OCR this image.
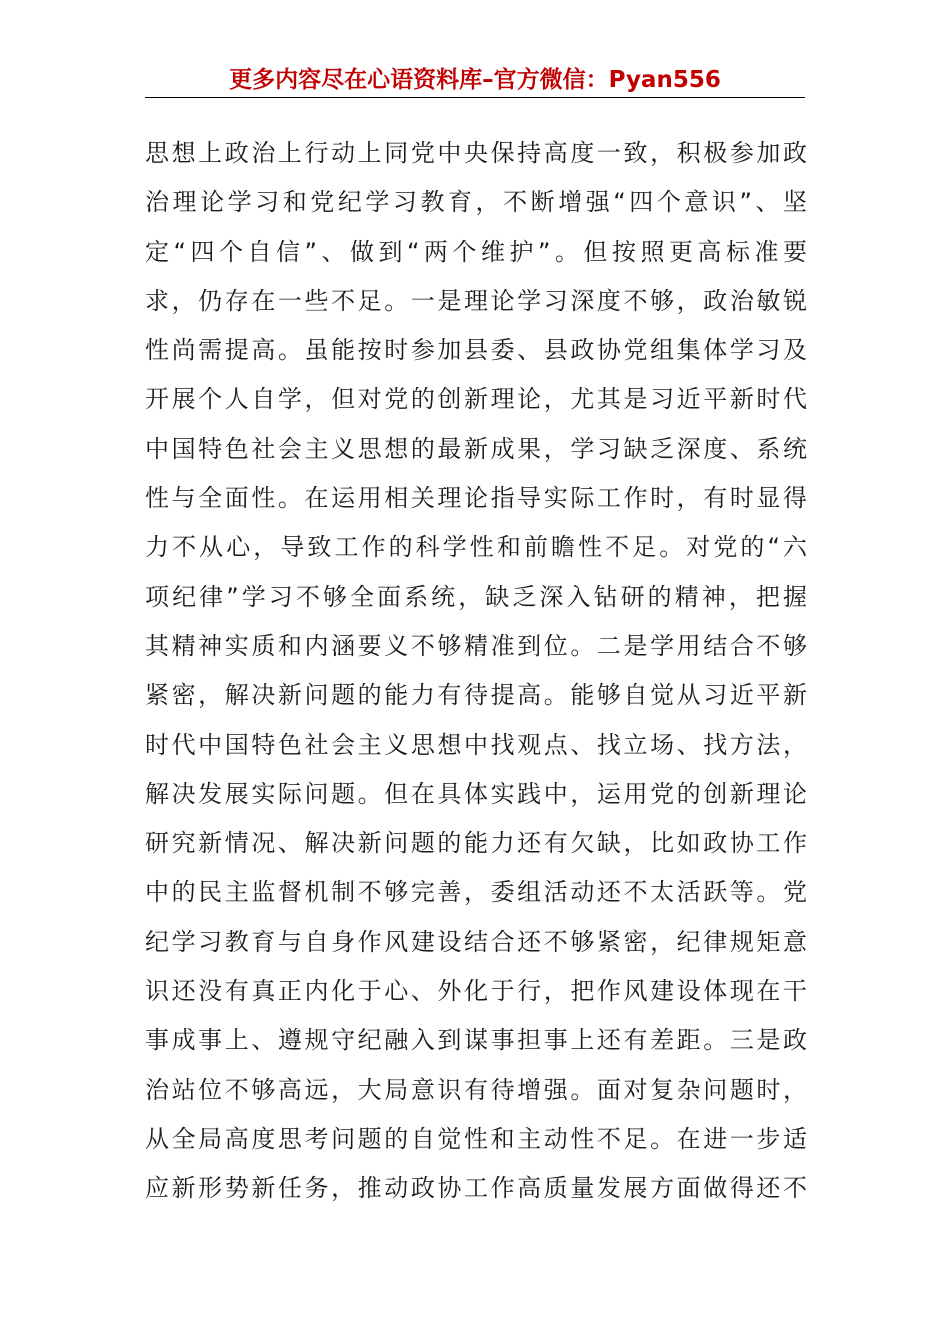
更多内容尽在心语资料库–官方微信：Pyan556
思想上政治上行动上同党中央保持高度一致，积极参加政
治理论学习和党纪学习教育，不断增强“四个意识”、坚
定“四个自信”、做到“两个维护”。但按照更高标准要
求，仍存在一些不足。一是理论学习深度不够，政治敏锐
性尚需提高。虽能按时参加县委、县政协党组集体学习及
开展个人自学，但对党的创新理论，尤其是习近平新时代
中国特色社会主义思想的最新成果，学习缺乏深度、系统
性与全面性。在运用相关理论指导实际工作时，有时显得
力不从心，导致工作的科学性和前瞻性不足。对党的“六
项纪律”学习不够全面系统，缺乏深入钻研的精神，把握
其精神实质和内涵要义不够精准到位。二是学用结合不够
紧密，解决新问题的能力有待提高。能够自觉从习近平新
时代中国特色社会主义思想中找观点、找立场、找方法，
解决发展实际问题。但在具体实践中，运用党的创新理论
研究新情况、解决新问题的能力还有欠缺，比如政协工作
中的民主监督机制不够完善，委组活动还不太活跃等。党
纪学习教育与自身作风建设结合还不够紧密，纪律规矩意
识还没有真正内化于心、外化于行，把作风建设体现在干
事成事上、遵规守纪融入到谋事担事上还有差距。三是政
治站位不够高远，大局意识有待增强。面对复杂问题时，
从全局高度思考问题的自觉性和主动性不足。在进一步适
应新形势新任务，推动政协工作高质量发展方面做得还不
